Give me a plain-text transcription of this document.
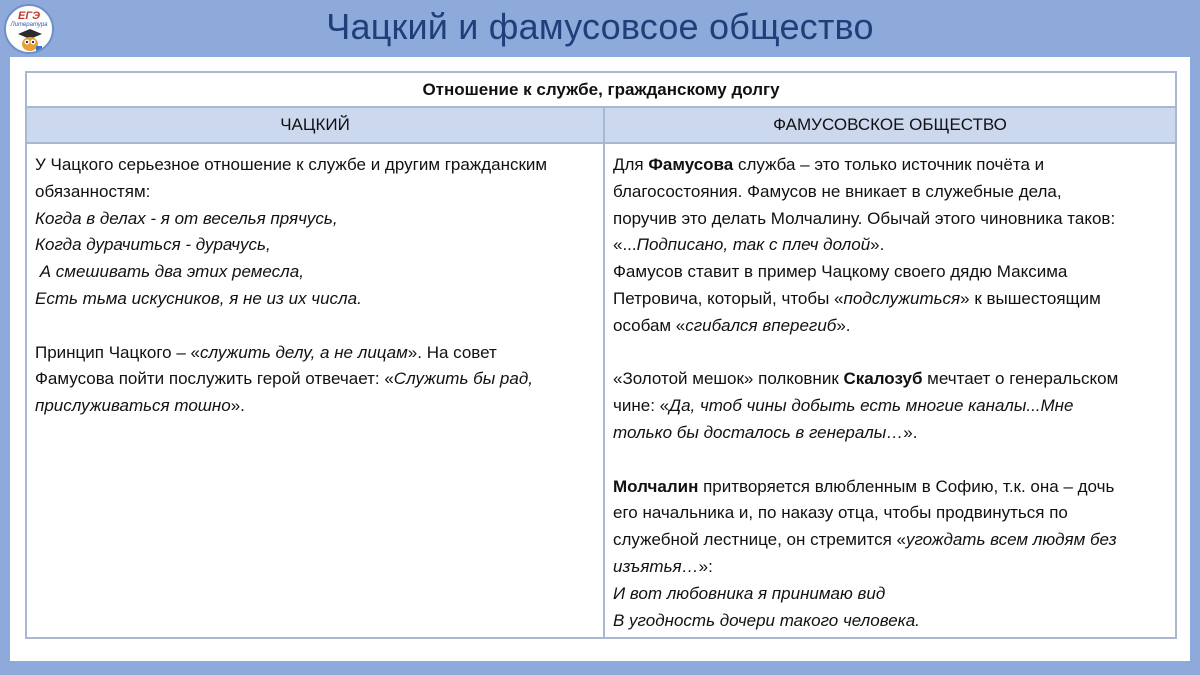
ЕГЭ
Литература	Чацкий и фамусовсое общество
Отношение к службе, гражданскому долгу
ЧАЦКИЙ	ФАМУСОВСКОЕ ОБЩЕСТВО
У Чацкого серьезное отношение к службе и другим гражданским
обязанностям:
Когда в делах - я от веселья прячусь,
Когда дурачиться - дурачусь,
А смешивать два этих ремесла,
Есть тьма искусников, я не из их числа.
Принцип Чацкого – «служить делу, а не лицам». На совет
Фамусова пойти послужить герой отвечает: «Служить бы рад,
прислуживаться тошно».
Для Фамусова служба – это только источник почёта и
благосостояния. Фамусов не вникает в служебные дела,
поручив это делать Молчалину. Обычай этого чиновника таков:
«...Подписано, так с плеч долой».
Фамусов ставит в пример Чацкому своего дядю Максима
Петровича, который, чтобы «подслужиться» к вышестоящим
особам «сгибался вперегиб».
«Золотой мешок» полковник Скалозуб мечтает о генеральском
чине: «Да, чтоб чины добыть есть многие каналы...Мне
только бы досталось в генералы…».
Молчалин притворяется влюбленным в Софию, т.к. она – дочь
его начальника и, по наказу отца, чтобы продвинуться по
служебной лестнице, он стремится «угождать всем людям без
изъятья…»:
И вот любовника я принимаю вид
В угодность дочери такого человека.
